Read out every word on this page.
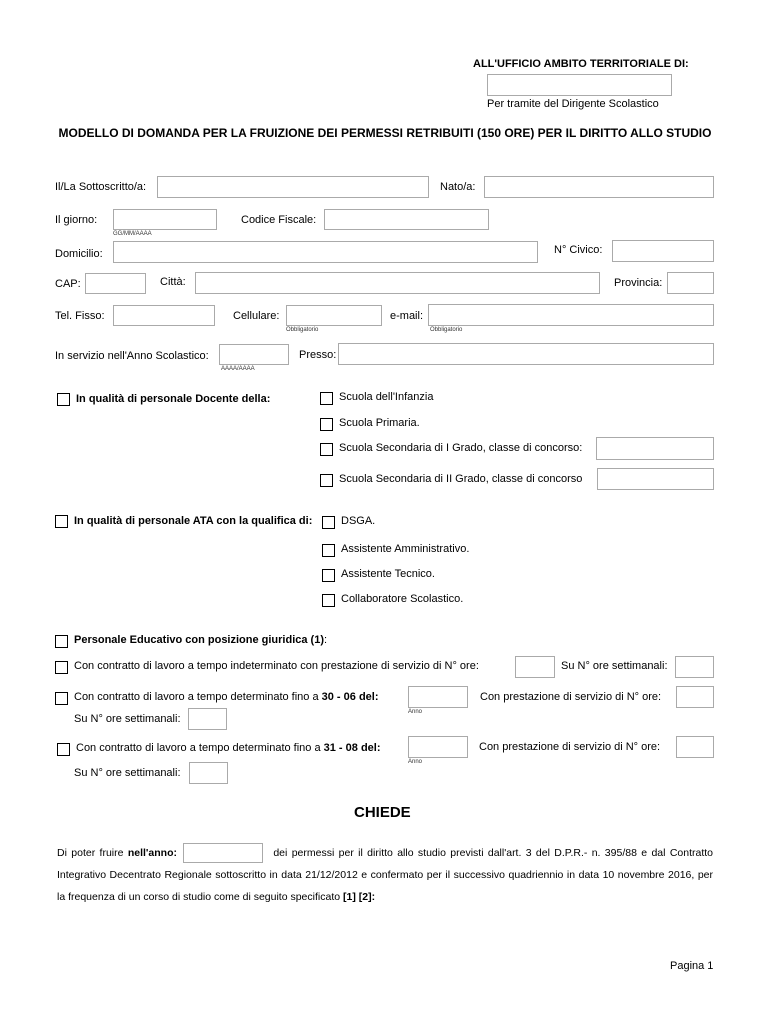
ALL'UFFICIO AMBITO TERRITORIALE DI:
Per tramite del Dirigente Scolastico
MODELLO DI DOMANDA PER LA FRUIZIONE DEI PERMESSI RETRIBUITI (150 ORE) PER IL DIRITTO ALLO STUDIO
Il/La Sottoscritto/a:	Nato/a:
Il giorno:
GG/MM/AAAA
Codice Fiscale:
Domicilio:	N° Civico:
CAP:	Città:	Provincia:
Tel. Fisso:	Cellulare:
Obbligatorio
e-mail:
Obbligatorio
In servizio nell'Anno Scolastico:
AAAA/AAAA
Presso:
In qualità di personale Docente della:	Scuola dell'Infanzia
Scuola Primaria.
Scuola Secondaria di I Grado, classe di concorso:
Scuola Secondaria di II Grado, classe di concorso
In qualità di personale ATA con la qualifica di:	DSGA.
Assistente Amministrativo.
Assistente Tecnico.
Collaboratore Scolastico.
Personale Educativo con posizione giuridica (1):
Con contratto di lavoro a tempo indeterminato con prestazione di servizio di N° ore:	Su N° ore settimanali:
Con contratto di lavoro a tempo determinato fino a 30 - 06 del:
Anno
Con prestazione di servizio di N° ore:
Su N° ore settimanali:
Con contratto di lavoro a tempo determinato fino a 31 - 08 del:
Anno
Con prestazione di servizio di N° ore:
Su N° ore settimanali:
CHIEDE
Di poter fruire nell'anno:	dei permessi per il diritto allo studio previsti dall'art. 3 del D.P.R.- n. 395/88 e dal Contratto Integrativo Decentrato Regionale sottoscritto in data 21/12/2012 e confermato per il successivo quadriennio in data 10 novembre 2016, per la frequenza di un corso di studio come di seguito specificato [1] [2]:
Pagina 1
